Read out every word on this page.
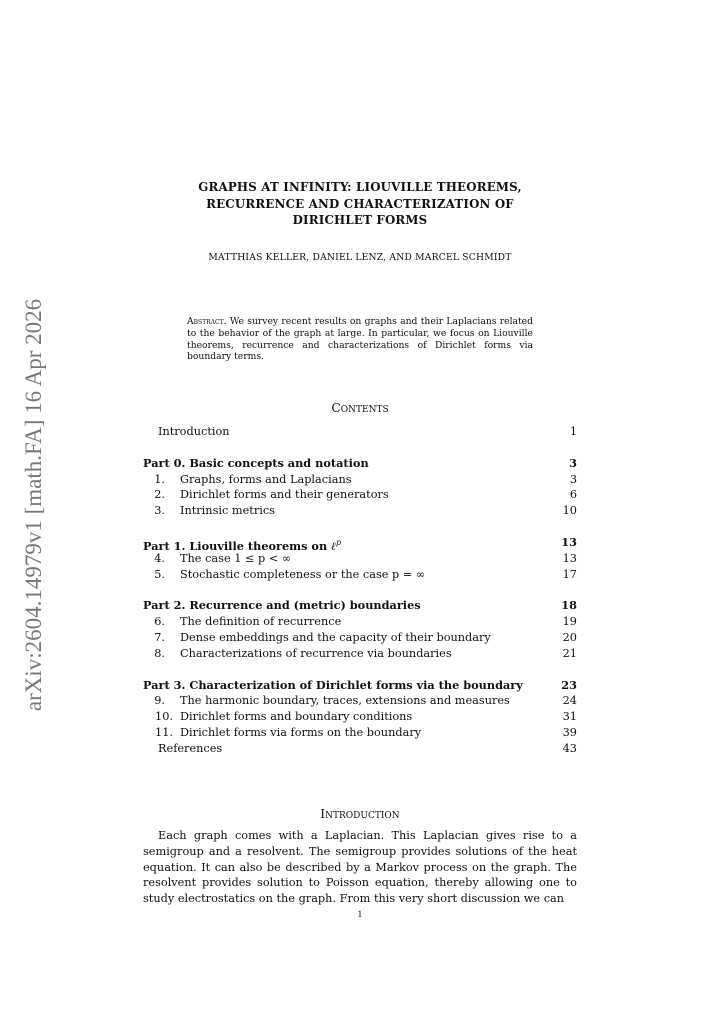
arXiv:2604.14979v1 [math.FA] 16 Apr 2026
GRAPHS AT INFINITY: LIOUVILLE THEOREMS,
RECURRENCE AND CHARACTERIZATION OF
DIRICHLET FORMS
MATTHIAS KELLER, DANIEL LENZ, AND MARCEL SCHMIDT
Abstract. We survey recent results on graphs and their Laplacians related to the behavior of the graph at large. In particular, we focus on Liouville theorems, recurrence and characterizations of Dirichlet forms via boundary terms.
Contents
Introduction	1
Part 0. Basic concepts and notation	3
1. Graphs, forms and Laplacians	3
2. Dirichlet forms and their generators	6
3. Intrinsic metrics	10
Part 1. Liouville theorems on ℓ$^p$	13
4. The case 1 ≤ p < ∞	13
5. Stochastic completeness or the case p = ∞	17
Part 2. Recurrence and (metric) boundaries	18
6. The definition of recurrence	19
7. Dense embeddings and the capacity of their boundary	20
8. Characterizations of recurrence via boundaries	21
Part 3. Characterization of Dirichlet forms via the boundary	23
9. The harmonic boundary, traces, extensions and measures	24
10. Dirichlet forms and boundary conditions	31
11. Dirichlet forms via forms on the boundary	39
References	43
Introduction

Each graph comes with a Laplacian. This Laplacian gives rise to a semigroup and a resolvent. The semigroup provides solutions of the heat equation. It can also be described by a Markov process on the graph. The resolvent provides solution to Poisson equation, thereby allowing one to study electrostatics on the graph. From this very short discussion we can

1
